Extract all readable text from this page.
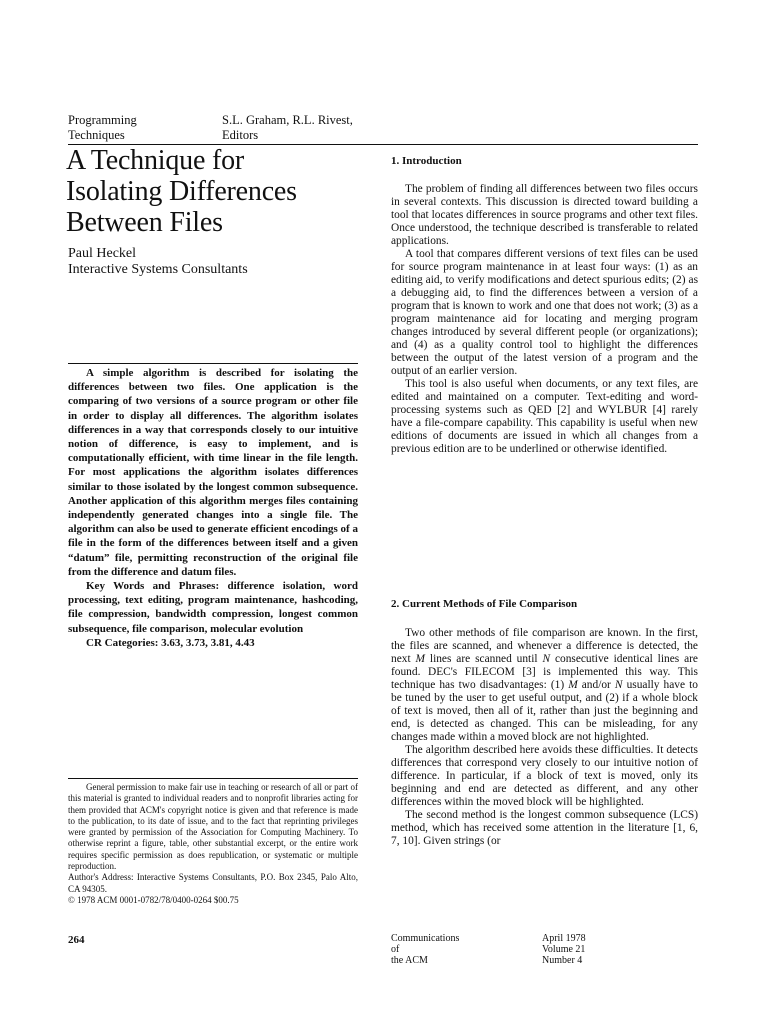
Programming
Techniques
S.L. Graham, R.L. Rivest,
Editors
A Technique for
Isolating Differences
Between Files
Paul Heckel
Interactive Systems Consultants

A simple algorithm is described for isolating the differences between two files. One application is the comparing of two versions of a source program or other file in order to display all differences. The algorithm isolates differences in a way that corresponds closely to our intuitive notion of difference, is easy to implement, and is computationally efficient, with time linear in the file length. For most applications the algorithm isolates differences similar to those isolated by the longest common subsequence. Another application of this algorithm merges files containing independently generated changes into a single file. The algorithm can also be used to generate efficient encodings of a file in the form of the differences between itself and a given “datum” file, permitting reconstruction of the original file from the difference and datum files.

Key Words and Phrases: difference isolation, word processing, text editing, program maintenance, hashcoding, file compression, bandwidth compression, longest common subsequence, file comparison, molecular evolution

CR Categories: 3.63, 3.73, 3.81, 4.43

General permission to make fair use in teaching or research of all or part of this material is granted to individual readers and to nonprofit libraries acting for them provided that ACM's copyright notice is given and that reference is made to the publication, to its date of issue, and to the fact that reprinting privileges were granted by permission of the Association for Computing Machinery. To otherwise reprint a figure, table, other substantial excerpt, or the entire work requires specific permission as does republication, or systematic or multiple reproduction.

Author's Address: Interactive Systems Consultants, P.O. Box 2345, Palo Alto, CA 94305.

© 1978 ACM 0001-0782/78/0400-0264 $00.75

1. Introduction

The problem of finding all differences between two files occurs in several contexts. This discussion is directed toward building a tool that locates differences in source programs and other text files. Once understood, the technique described is transferable to related applications.

A tool that compares different versions of text files can be used for source program maintenance in at least four ways: (1) as an editing aid, to verify modifications and detect spurious edits; (2) as a debugging aid, to find the differences between a version of a program that is known to work and one that does not work; (3) as a program maintenance aid for locating and merging program changes introduced by several different people (or organizations); and (4) as a quality control tool to highlight the differences between the output of the latest version of a program and the output of an earlier version.

This tool is also useful when documents, or any text files, are edited and maintained on a computer. Text-editing and word-processing systems such as QED [2] and WYLBUR [4] rarely have a file-compare capability. This capability is useful when new editions of documents are issued in which all changes from a previous edition are to be underlined or otherwise identified.

2. Current Methods of File Comparison

Two other methods of file comparison are known. In the first, the files are scanned, and whenever a difference is detected, the next M lines are scanned until N consecutive identical lines are found. DEC's FILECOM [3] is implemented this way. This technique has two disadvantages: (1) M and/or N usually have to be tuned by the user to get useful output, and (2) if a whole block of text is moved, then all of it, rather than just the beginning and end, is detected as changed. This can be misleading, for any changes made within a moved block are not highlighted.

The algorithm described here avoids these difficulties. It detects differences that correspond very closely to our intuitive notion of difference. In particular, if a block of text is moved, only its beginning and end are detected as different, and any other differences within the moved block will be highlighted.

The second method is the longest common subsequence (LCS) method, which has received some attention in the literature [1, 6, 7, 10]. Given strings (or

264	Communications
of
the ACM
April 1978
Volume 21
Number 4
